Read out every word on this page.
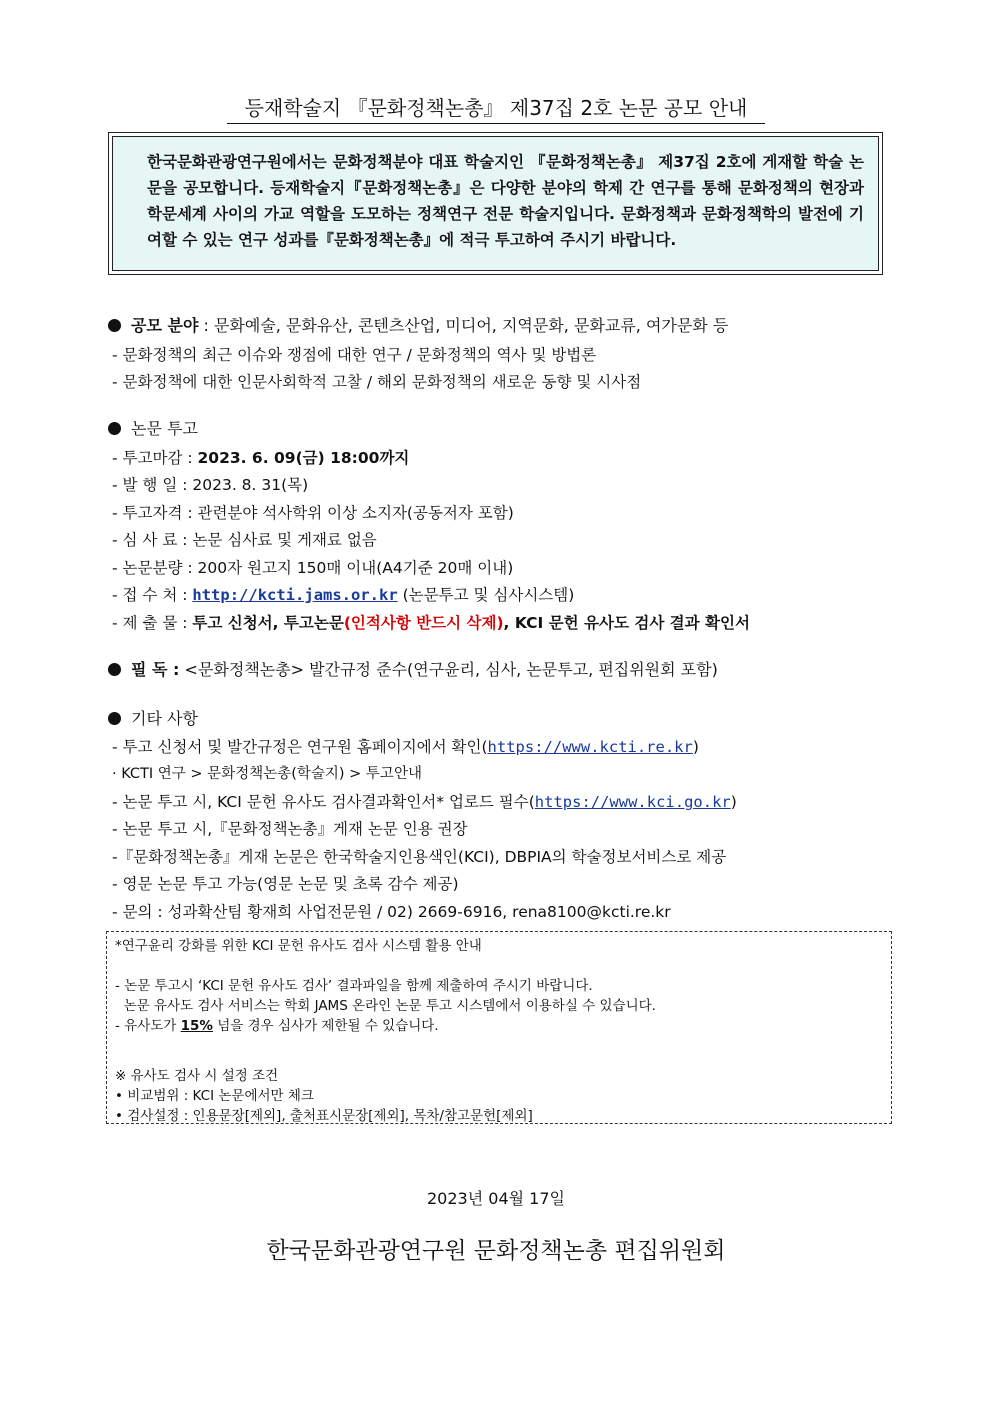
등재학술지 『문화정책논총』 제37집 2호 논문 공모 안내
한국문화관광연구원에서는 문화정책분야 대표 학술지인 『문화정책논총』 제37집 2호에 게재할 학술 논문을 공모합니다. 등재학술지『문화정책논총』은 다양한 분야의 학제 간 연구를 통해 문화정책의 현장과 학문세계 사이의 가교 역할을 도모하는 정책연구 전문 학술지입니다. 문화정책과 문화정책학의 발전에 기여할 수 있는 연구 성과를『문화정책논총』에 적극 투고하여 주시기 바랍니다.
공모 분야 : 문화예술, 문화유산, 콘텐츠산업, 미디어, 지역문화, 문화교류, 여가문화 등
- 문화정책의 최근 이슈와 쟁점에 대한 연구 / 문화정책의 역사 및 방법론
- 문화정책에 대한 인문사회학적 고찰 / 해외 문화정책의 새로운 동향 및 시사점
논문 투고
- 투고마감 : 2023. 6. 09(금) 18:00까지
- 발 행 일 : 2023. 8. 31(목)
- 투고자격 : 관련분야 석사학위 이상 소지자(공동저자 포함)
- 심 사 료 : 논문 심사료 및 게재료 없음
- 논문분량 : 200자 원고지 150매 이내(A4기준 20매 이내)
- 접 수 처 : http://kcti.jams.or.kr (논문투고 및 심사시스템)
- 제 출 물 : 투고 신청서, 투고논문(인적사항 반드시 삭제), KCI 문헌 유사도 검사 결과 확인서
필 독 : <문화정책논총> 발간규정 준수(연구윤리, 심사, 논문투고, 편집위원회 포함)
기타 사항
- 투고 신청서 및 발간규정은 연구원 홈페이지에서 확인(https://www.kcti.re.kr)
· KCTI 연구 > 문화정책논총(학술지) > 투고안내
- 논문 투고 시, KCI 문헌 유사도 검사결과확인서* 업로드 필수(https://www.kci.go.kr)
- 논문 투고 시,『문화정책논총』게재 논문 인용 권장
-『문화정책논총』게재 논문은 한국학술지인용색인(KCI), DBPIA의 학술정보서비스로 제공
- 영문 논문 투고 가능(영문 논문 및 초록 감수 제공)
- 문의 : 성과확산팀 황재희 사업전문원 / 02) 2669-6916, rena8100@kcti.re.kr
*연구윤리 강화를 위한 KCI 문헌 유사도 검사 시스템 활용 안내
- 논문 투고시 ‘KCI 문헌 유사도 검사’ 결과파일을 함께 제출하여 주시기 바랍니다.
논문 유사도 검사 서비스는 학회 JAMS 온라인 논문 투고 시스템에서 이용하실 수 있습니다.
- 유사도가 15% 넘을 경우 심사가 제한될 수 있습니다.
※ 유사도 검사 시 설정 조건
• 비교범위 : KCI 논문에서만 체크
• 검사설정 : 인용문장[제외], 출처표시문장[제외], 목차/참고문헌[제외]
2023년 04월 17일
한국문화관광연구원 문화정책논총 편집위원회
